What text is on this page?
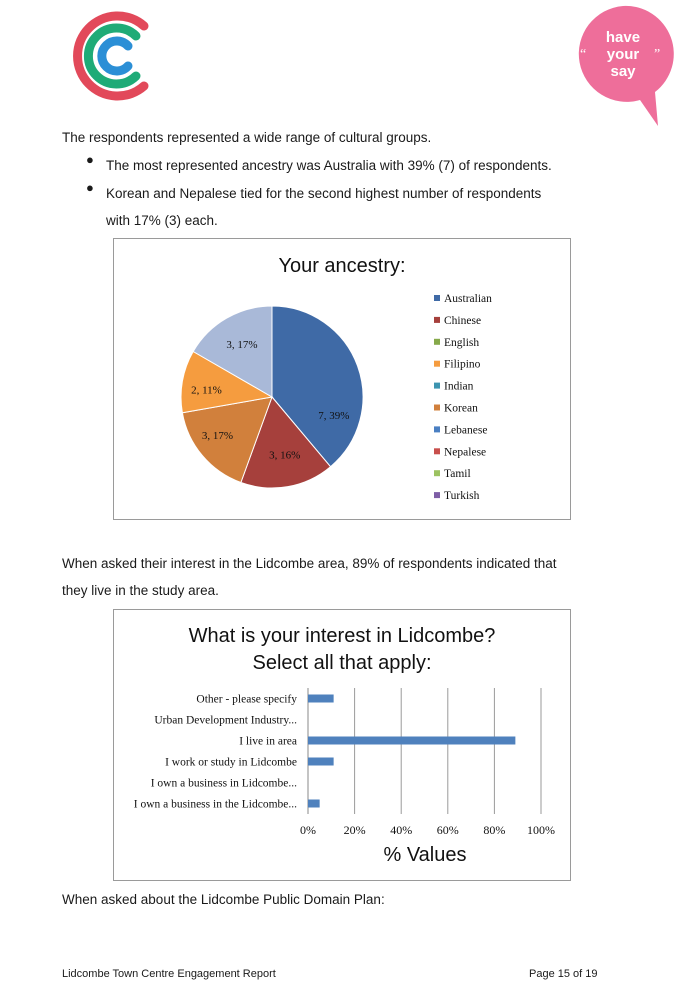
“	”
have
your
say
The respondents represented a wide range of cultural groups.
● The most represented ancestry was Australia with 39% (7) of respondents.
● Korean and Nepalese tied for the second highest number of respondents
with 17% (3) each.
Your ancestry:
7, 39%
3, 16%
3, 17%
2, 11%
3, 17%
Australian
Chinese
English
Filipino
Indian
Korean
Lebanese
Nepalese
Tamil
Turkish
When asked their interest in the Lidcombe area, 89% of respondents indicated that
they live in the study area.
What is your interest in Lidcombe?
Select all that apply:
Other - please specify
Urban Development Industry...
I live in area
I work or study in Lidcombe
I own a business in Lidcombe...
I own a business in the Lidcombe...
0% 20% 40% 60% 80% 100%
% Values
When asked about the Lidcombe Public Domain Plan:
Lidcombe Town Centre Engagement Report	Page 15 of 19
